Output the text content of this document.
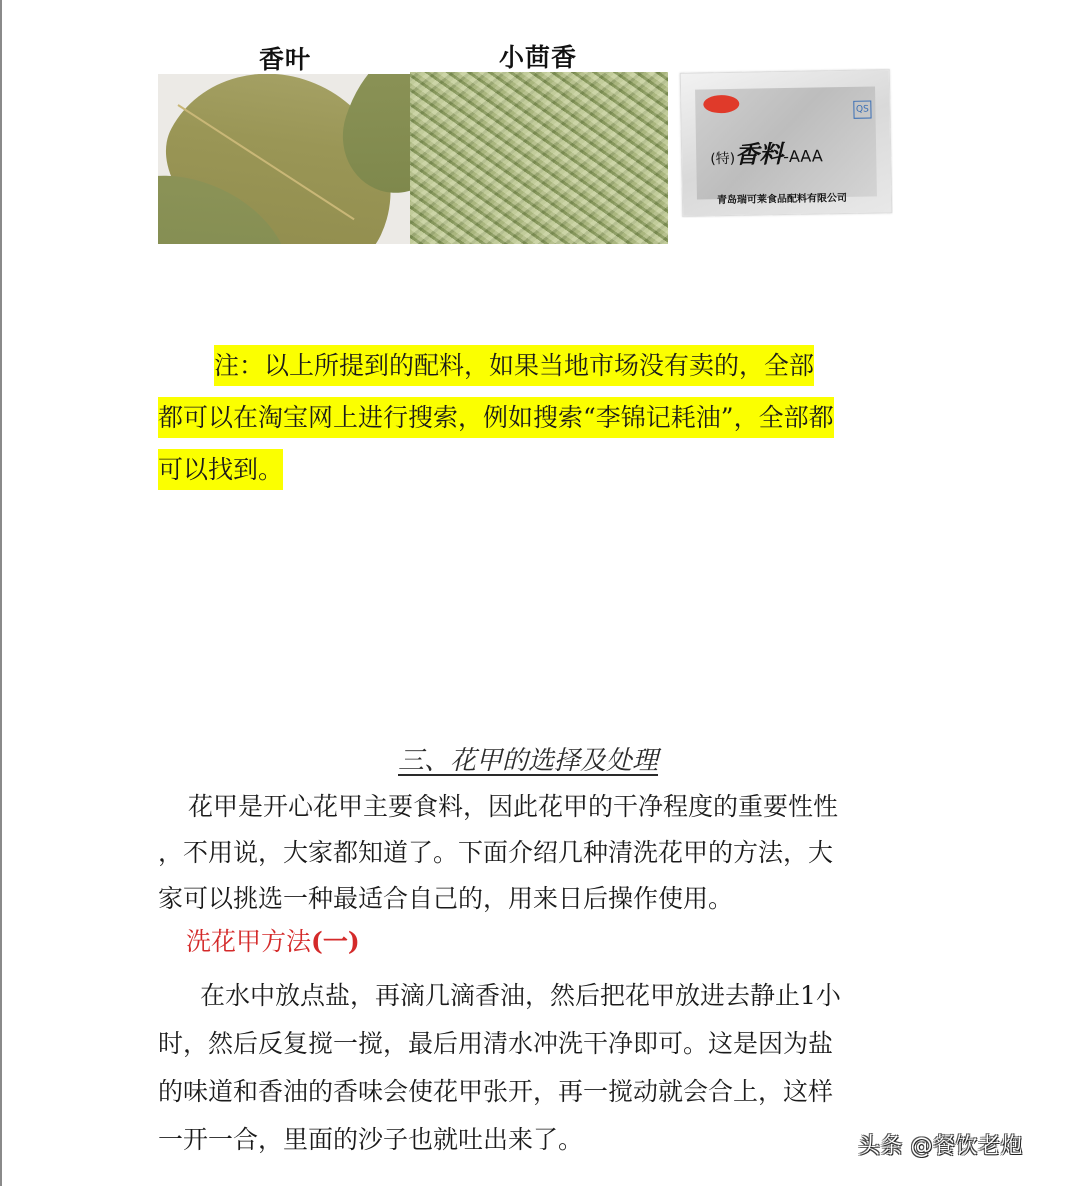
香叶	小茴香
QS
(特)香料-AAA
青岛瑞可莱食品配料有限公司
注：以上所提到的配料，如果当地市场没有卖的，全部
都可以在淘宝网上进行搜索，例如搜索“李锦记耗油”，全部都
可以找到。
三、花甲的选择及处理
花甲是开心花甲主要食料，因此花甲的干净程度的重要性性
，不用说，大家都知道了。下面介绍几种清洗花甲的方法，大
家可以挑选一种最适合自己的，用来日后操作使用。
洗花甲方法(一)
在水中放点盐，再滴几滴香油，然后把花甲放进去静止1小
时，然后反复搅一搅，最后用清水冲洗干净即可。这是因为盐
的味道和香油的香味会使花甲张开，再一搅动就会合上，这样
一开一合，里面的沙子也就吐出来了。	头条 @餐饮老炮
